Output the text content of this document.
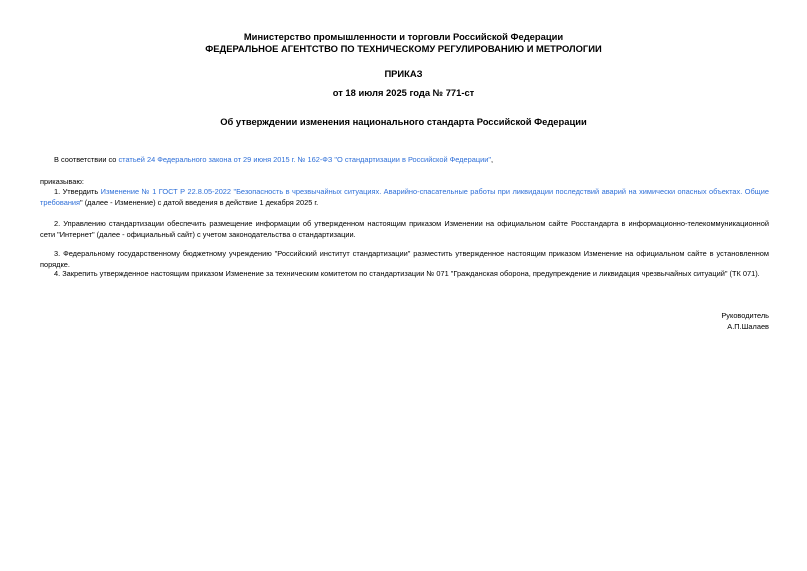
Министерство промышленности и торговли Российской Федерации
ФЕДЕРАЛЬНОЕ АГЕНТСТВО ПО ТЕХНИЧЕСКОМУ РЕГУЛИРОВАНИЮ И МЕТРОЛОГИИ
ПРИКАЗ
от 18 июля 2025 года № 771-ст
Об утверждении изменения национального стандарта Российской Федерации
В соответствии со статьей 24 Федерального закона от 29 июня 2015 г. № 162-ФЗ "О стандартизации в Российской Федерации",
приказываю:
1. Утвердить Изменение № 1 ГОСТ Р 22.8.05-2022 "Безопасность в чрезвычайных ситуациях. Аварийно-спасательные работы при ликвидации последствий аварий на химически опасных объектах. Общие требования" (далее - Изменение) с датой введения в действие 1 декабря 2025 г.
2. Управлению стандартизации обеспечить размещение информации об утвержденном настоящим приказом Изменении на официальном сайте Росстандарта в информационно-телекоммуникационной сети "Интернет" (далее - официальный сайт) с учетом законодательства о стандартизации.
3. Федеральному государственному бюджетному учреждению "Российский институт стандартизации" разместить утвержденное настоящим приказом Изменение на официальном сайте в установленном порядке.
4. Закрепить утвержденное настоящим приказом Изменение за техническим комитетом по стандартизации № 071 "Гражданская оборона, предупреждение и ликвидация чрезвычайных ситуаций" (ТК 071).
Руководитель
А.П.Шалаев
